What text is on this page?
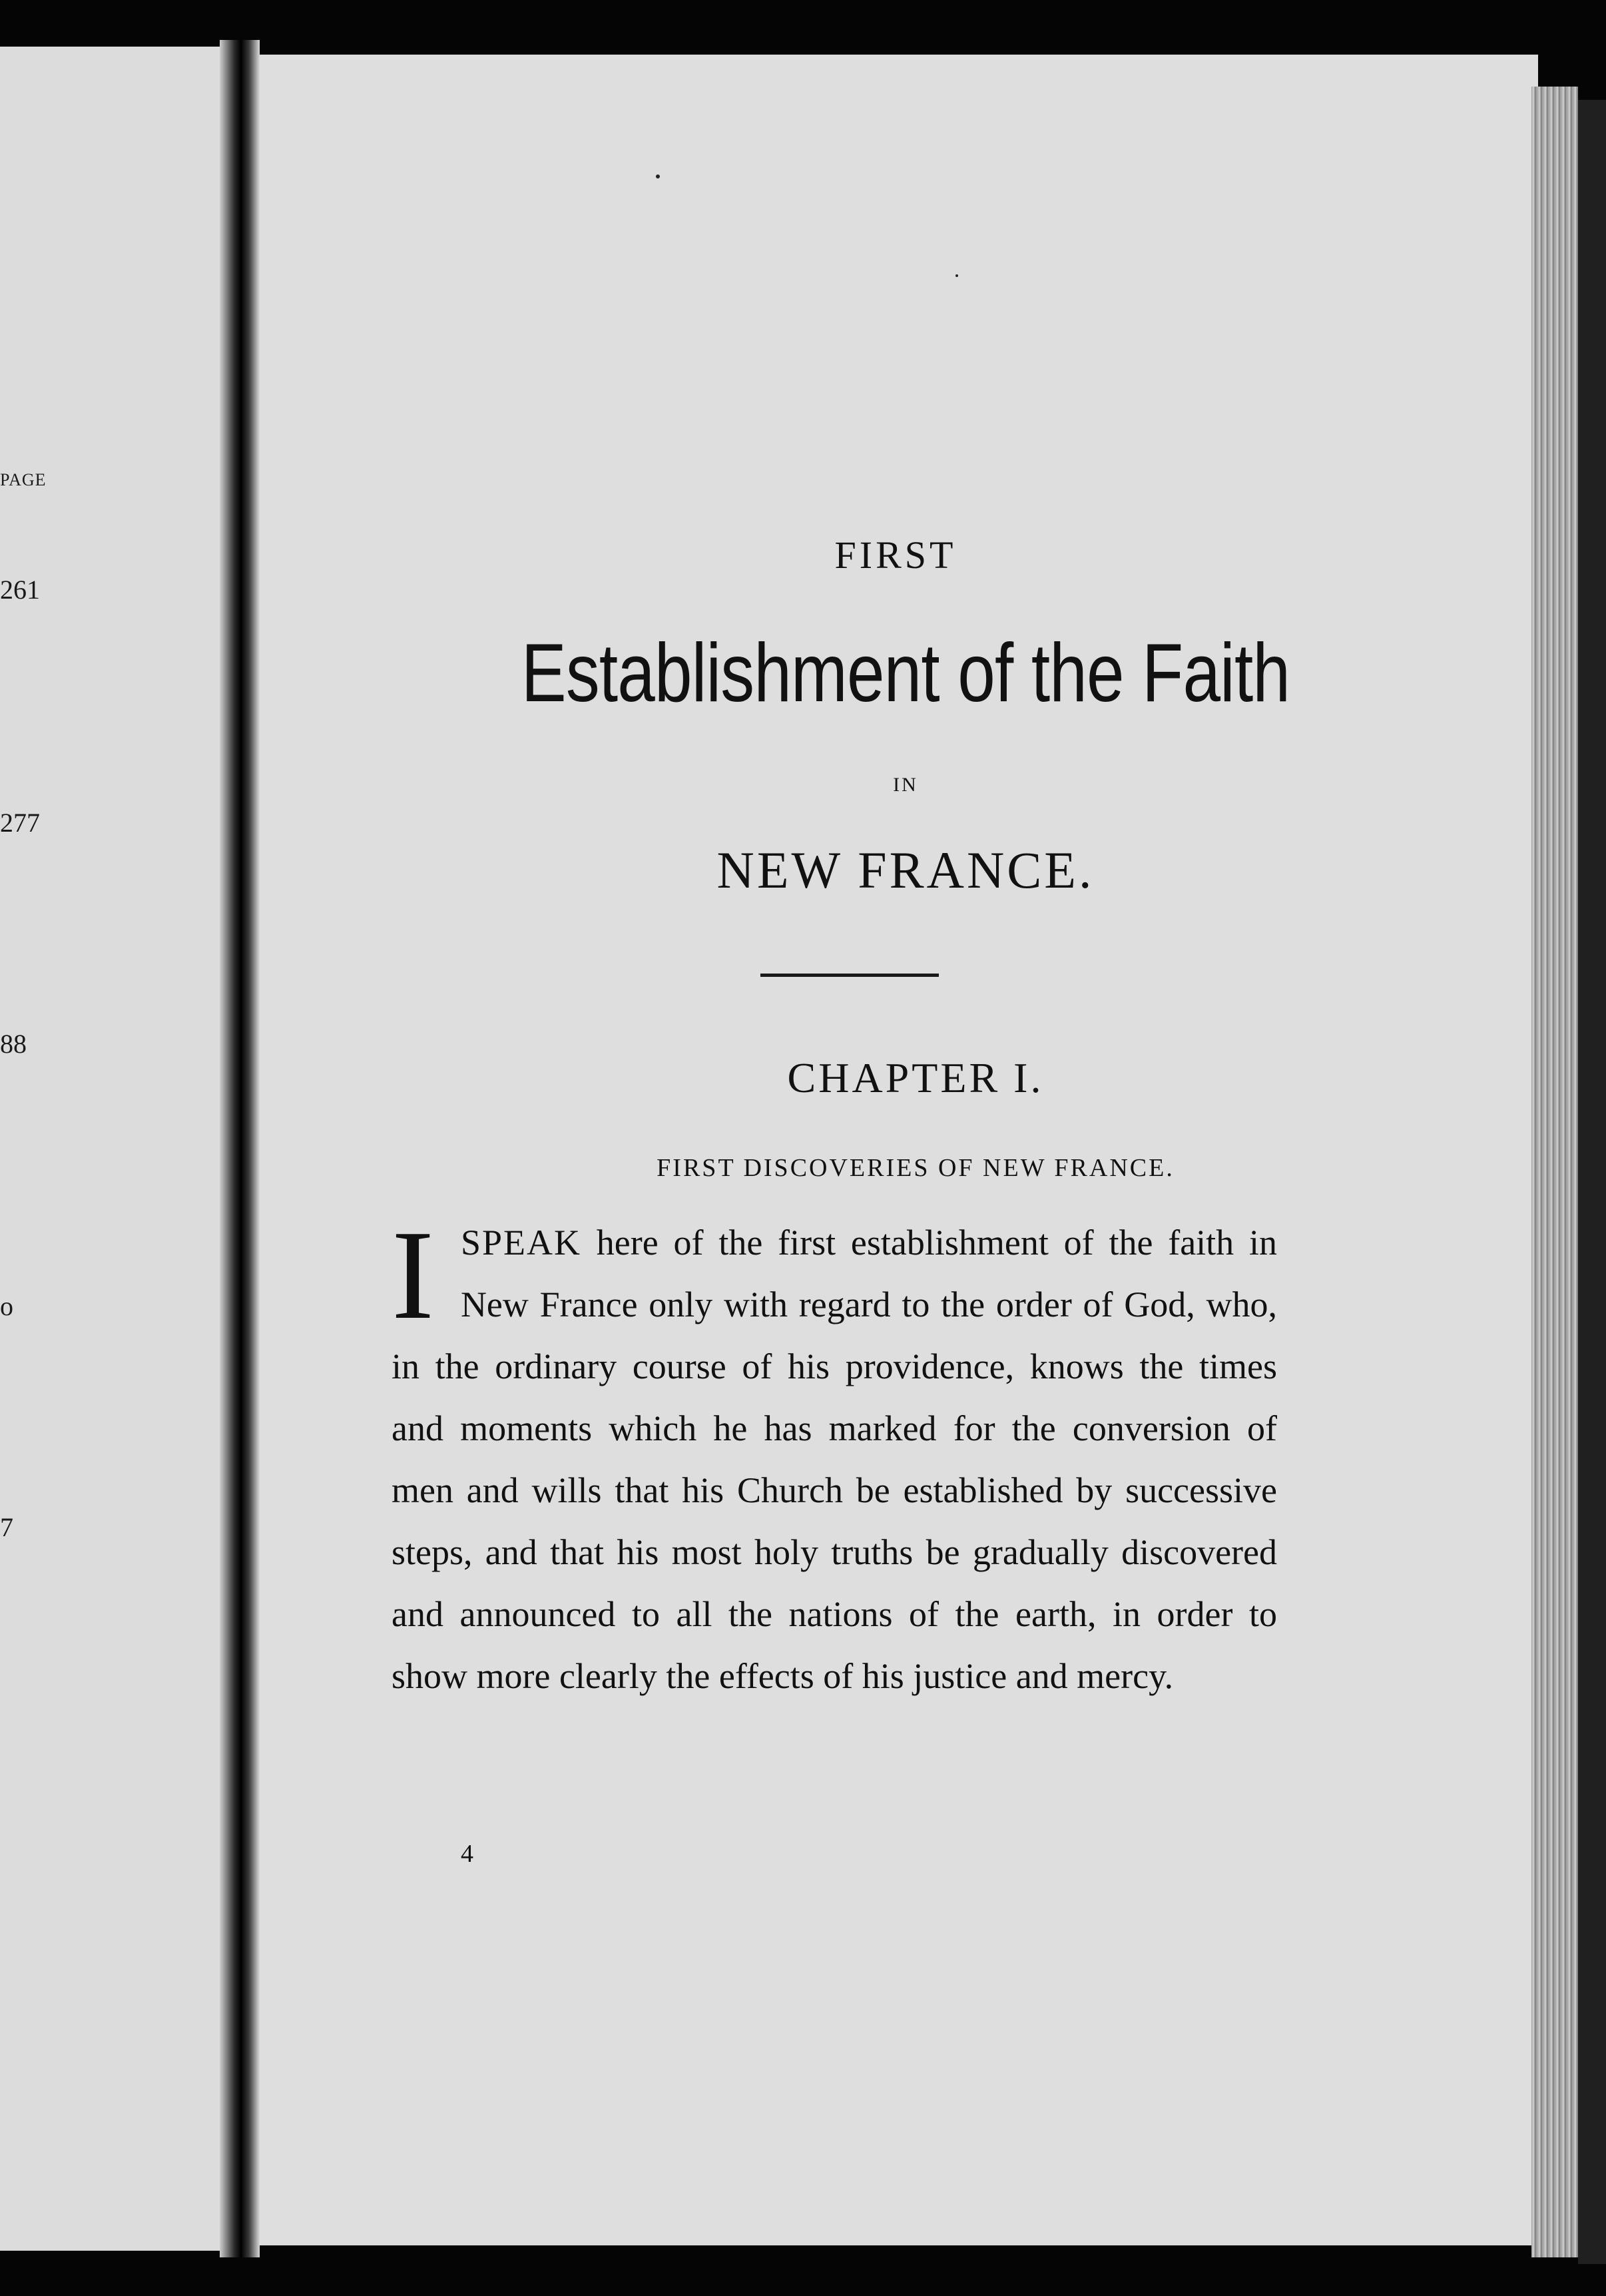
PAGE
261
277
88
o
7
FIRST
Establishment of the Faith
IN
NEW FRANCE.
CHAPTER I.
FIRST DISCOVERIES OF NEW FRANCE.
ISPEAK here of the first establishment of the faith in New France only with regard to the order of God, who, in the ordinary course of his providence, knows the times and moments which he has marked for the conversion of men and wills that his Church be established by successive steps, and that his most holy truths be gradually discovered and announced to all the nations of the earth, in order to show more clearly the effects of his justice and mercy.
4
